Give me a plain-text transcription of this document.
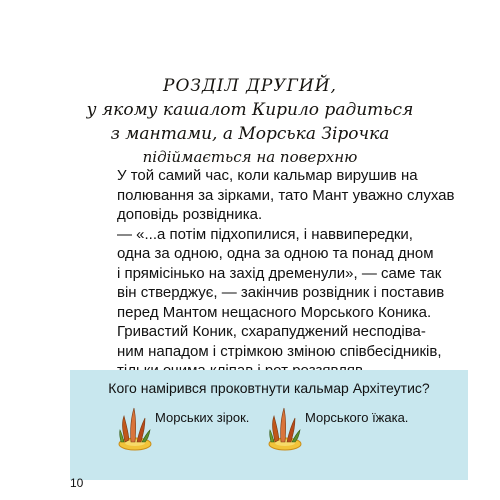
РОЗДІЛ ДРУГИЙ,
у якому кашалот Кирило радиться
з мантами, а Морська Зірочка
підіймається на поверхню

У той самий час, коли кальмар вирушив на
полювання за зірками, тато Мант уважно слухав
доповідь розвідника.

— «...а потім підхопилися, і наввипередки,
одна за одною, одна за одною та понад дном
і прямісінько на захід дременули», — саме так
він стверджує, — закінчив розвідник і поставив
перед Мантом нещасного Морського Коника.

Гривастий Коник, схарапуджений несподіва-
ним нападом і стрімкою зміною співбесідників,

Кого намірився проковтнути кальмар Архітеутис?
Морських зірок.	Морського їжака.
10
